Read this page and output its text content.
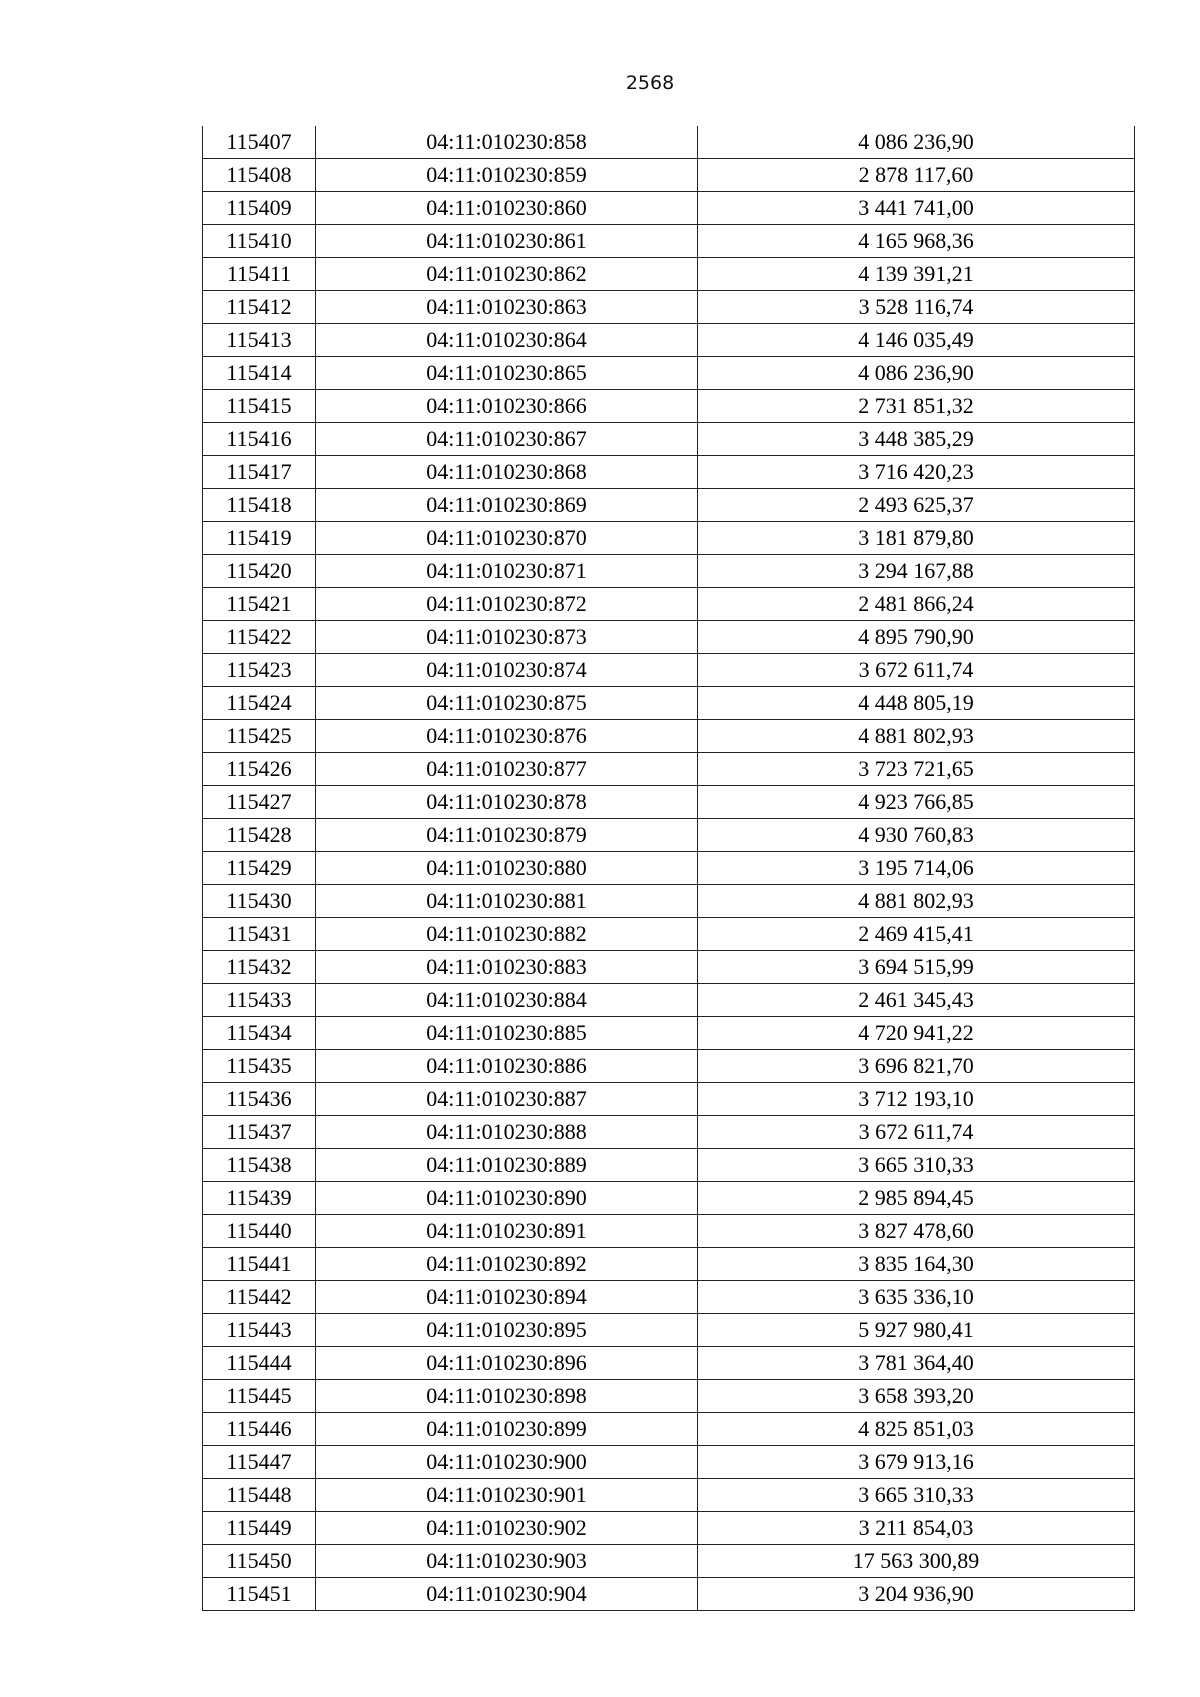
2568
115407	04:11:010230:858	4 086 236,90
115408	04:11:010230:859	2 878 117,60
115409	04:11:010230:860	3 441 741,00
115410	04:11:010230:861	4 165 968,36
115411	04:11:010230:862	4 139 391,21
115412	04:11:010230:863	3 528 116,74
115413	04:11:010230:864	4 146 035,49
115414	04:11:010230:865	4 086 236,90
115415	04:11:010230:866	2 731 851,32
115416	04:11:010230:867	3 448 385,29
115417	04:11:010230:868	3 716 420,23
115418	04:11:010230:869	2 493 625,37
115419	04:11:010230:870	3 181 879,80
115420	04:11:010230:871	3 294 167,88
115421	04:11:010230:872	2 481 866,24
115422	04:11:010230:873	4 895 790,90
115423	04:11:010230:874	3 672 611,74
115424	04:11:010230:875	4 448 805,19
115425	04:11:010230:876	4 881 802,93
115426	04:11:010230:877	3 723 721,65
115427	04:11:010230:878	4 923 766,85
115428	04:11:010230:879	4 930 760,83
115429	04:11:010230:880	3 195 714,06
115430	04:11:010230:881	4 881 802,93
115431	04:11:010230:882	2 469 415,41
115432	04:11:010230:883	3 694 515,99
115433	04:11:010230:884	2 461 345,43
115434	04:11:010230:885	4 720 941,22
115435	04:11:010230:886	3 696 821,70
115436	04:11:010230:887	3 712 193,10
115437	04:11:010230:888	3 672 611,74
115438	04:11:010230:889	3 665 310,33
115439	04:11:010230:890	2 985 894,45
115440	04:11:010230:891	3 827 478,60
115441	04:11:010230:892	3 835 164,30
115442	04:11:010230:894	3 635 336,10
115443	04:11:010230:895	5 927 980,41
115444	04:11:010230:896	3 781 364,40
115445	04:11:010230:898	3 658 393,20
115446	04:11:010230:899	4 825 851,03
115447	04:11:010230:900	3 679 913,16
115448	04:11:010230:901	3 665 310,33
115449	04:11:010230:902	3 211 854,03
115450	04:11:010230:903	17 563 300,89
115451	04:11:010230:904	3 204 936,90
